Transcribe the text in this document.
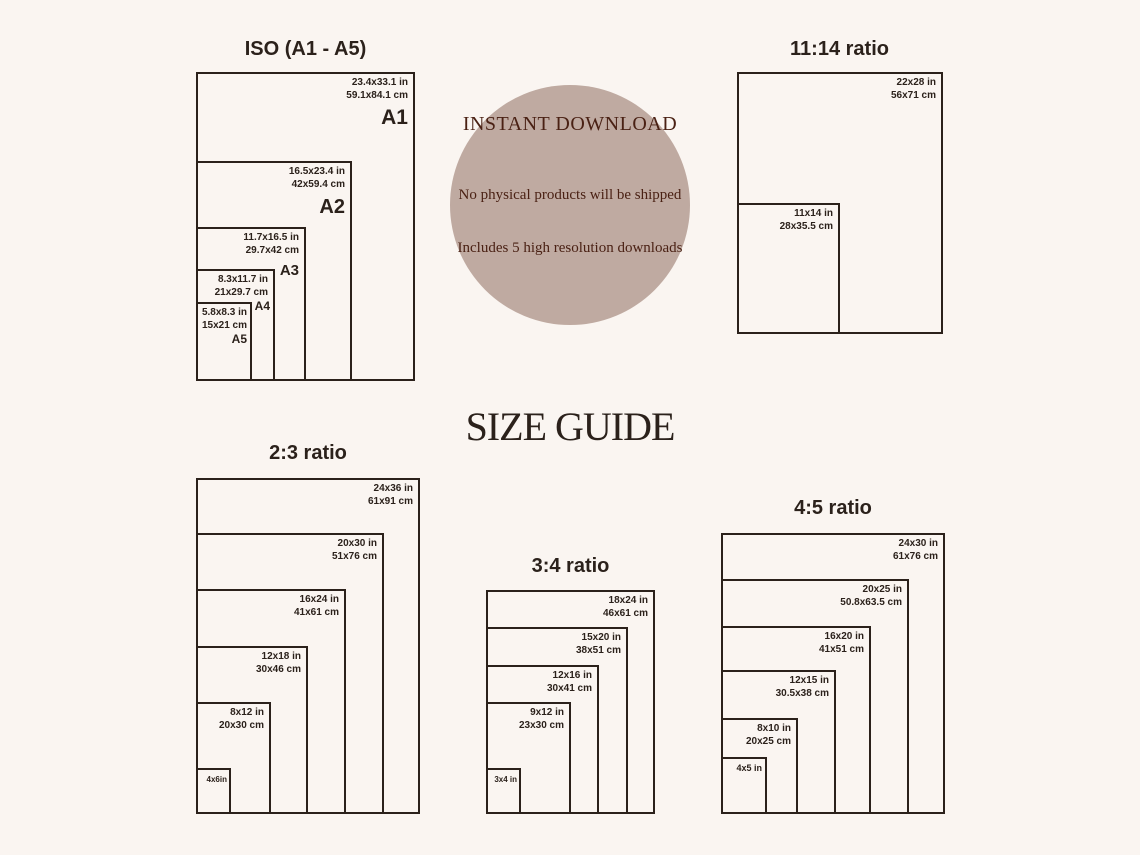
ISO (A1 - A5)	11:14 ratio
2:3 ratio
3:4 ratio
4:5 ratio
SIZE GUIDE
INSTANT DOWNLOAD
No physical products will be shipped
Includes 5 high resolution downloads
23.4x33.1 in
59.1x84.1 cm
A1
16.5x23.4 in
42x59.4 cm
A2
11.7x16.5 in
29.7x42 cm
A3
8.3x11.7 in
21x29.7 cm
A4
5.8x8.3 in
15x21 cm
A5
22x28 in
56x71 cm
11x14 in
28x35.5 cm
24x36 in
61x91 cm
20x30 in
51x76 cm
16x24 in
41x61 cm
12x18 in
30x46 cm
8x12 in
20x30 cm
4x6in
18x24 in
46x61 cm
15x20 in
38x51 cm
12x16 in
30x41 cm
9x12 in
23x30 cm
3x4 in
24x30 in
61x76 cm
20x25 in
50.8x63.5 cm
16x20 in
41x51 cm
12x15 in
30.5x38 cm
8x10 in
20x25 cm
4x5 in
